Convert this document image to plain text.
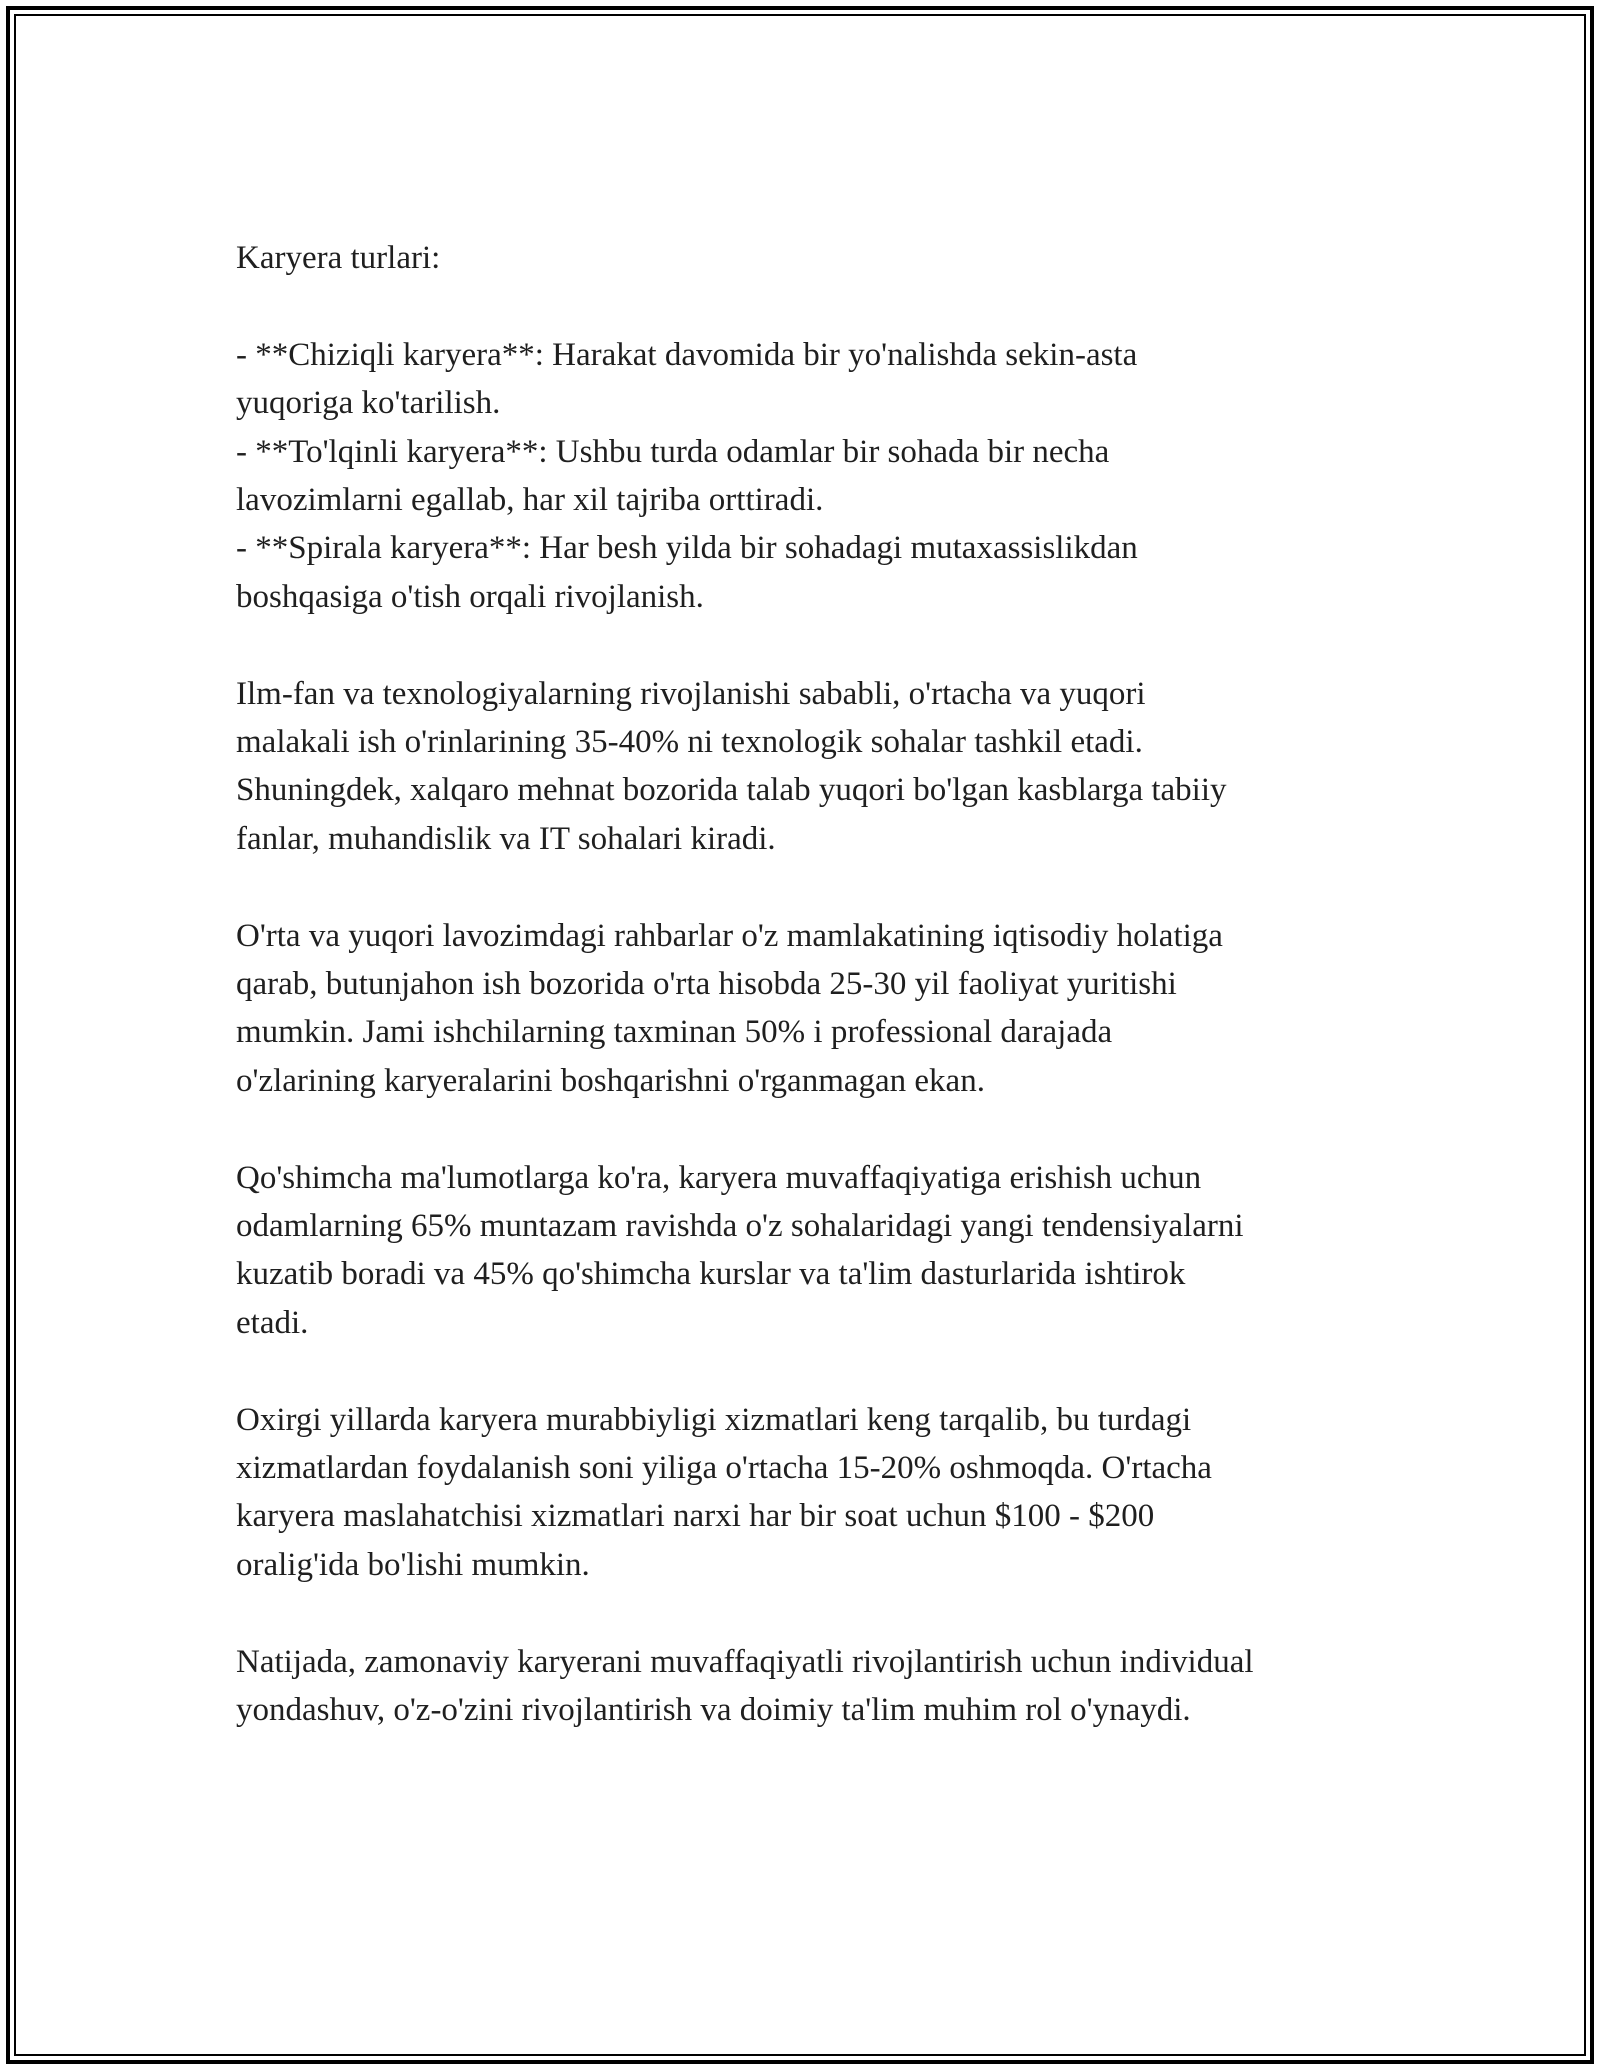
Karyera turlari:

- **Chiziqli karyera**: Harakat davomida bir yo'nalishda sekin-asta
yuqoriga ko'tarilish.

- **To'lqinli karyera**: Ushbu turda odamlar bir sohada bir necha
lavozimlarni egallab, har xil tajriba orttiradi.

- **Spirala karyera**: Har besh yilda bir sohadagi mutaxassislikdan
boshqasiga o'tish orqali rivojlanish.

Ilm-fan va texnologiyalarning rivojlanishi sababli, o'rtacha va yuqori
malakali ish o'rinlarining 35-40% ni texnologik sohalar tashkil etadi.
Shuningdek, xalqaro mehnat bozorida talab yuqori bo'lgan kasblarga tabiiy
fanlar, muhandislik va IT sohalari kiradi.

O'rta va yuqori lavozimdagi rahbarlar o'z mamlakatining iqtisodiy holatiga
qarab, butunjahon ish bozorida o'rta hisobda 25-30 yil faoliyat yuritishi
mumkin. Jami ishchilarning taxminan 50% i professional darajada
o'zlarining karyeralarini boshqarishni o'rganmagan ekan.

Qo'shimcha ma'lumotlarga ko'ra, karyera muvaffaqiyatiga erishish uchun
odamlarning 65% muntazam ravishda o'z sohalaridagi yangi tendensiyalarni
kuzatib boradi va 45% qo'shimcha kurslar va ta'lim dasturlarida ishtirok
etadi.

Oxirgi yillarda karyera murabbiyligi xizmatlari keng tarqalib, bu turdagi
xizmatlardan foydalanish soni yiliga o'rtacha 15-20% oshmoqda. O'rtacha
karyera maslahatchisi xizmatlari narxi har bir soat uchun $100 - $200
oralig'ida bo'lishi mumkin.

Natijada, zamonaviy karyerani muvaffaqiyatli rivojlantirish uchun individual
yondashuv, o'z-o'zini rivojlantirish va doimiy ta'lim muhim rol o'ynaydi.
